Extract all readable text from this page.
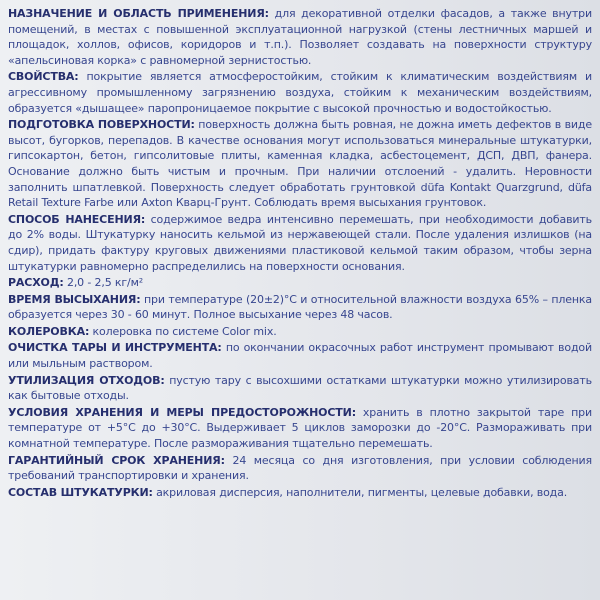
НАЗНАЧЕНИЕ И ОБЛАСТЬ ПРИМЕНЕНИЯ: для декоративной отделки фасадов, а также внутри помещений, в местах с повышенной эксплуатационной нагрузкой (стены лестничных маршей и площадок, холлов, офисов, коридоров и т.п.). Позволяет создавать на поверхности структуру «апельсиновая корка» с равномерной зернистостью.

СВОЙСТВА: покрытие является атмосферостойким, стойким к климатическим воздействиям и агрессивному промышленному загрязнению воздуха, стойким к механическим воздействиям, образуется «дышащее» паропроницаемое покрытие с высокой прочностью и водостойкостью.

ПОДГОТОВКА ПОВЕРХНОСТИ: поверхность должна быть ровная, не дожна иметь дефектов в виде высот, бугорков, перепадов. В качестве основания могут использоваться минеральные штукатурки, гипсокартон, бетон, гипсолитовые плиты, каменная кладка, асбестоцемент, ДСП, ДВП, фанера. Основание должно быть чистым и прочным. При наличии отслоений - удалить. Неровности заполнить шпатлевкой. Поверхность следует обработать грунтовкой düfa Kontakt Quarzgrund, düfa Retail Texture Farbe или Axton Кварц-Грунт. Соблюдать время высыхания грунтовок.

СПОСОБ НАНЕСЕНИЯ: содержимое ведра интенсивно перемешать, при необходимости добавить до 2% воды. Штукатурку наносить кельмой из нержавеющей стали. После удаления излишков (на сдир), придать фактуру круговых движениями пластиковой кельмой таким образом, чтобы зерна штукатурки равномерно распределились на поверхности основания.

РАСХОД: 2,0 - 2,5 кг/м²

ВРЕМЯ ВЫСЫХАНИЯ: при температуре (20±2)°С и относительной влажности воздуха 65% – пленка образуется через 30 - 60 минут. Полное высыхание через 48 часов.

КОЛЕРОВКА: колеровка по системе Color mix.

ОЧИСТКА ТАРЫ И ИНСТРУМЕНТА: по окончании окрасочных работ инструмент промывают водой или мыльным раствором.

УТИЛИЗАЦИЯ ОТХОДОВ: пустую тару с высохшими остатками штукатурки можно утилизировать как бытовые отходы.

УСЛОВИЯ ХРАНЕНИЯ И МЕРЫ ПРЕДОСТОРОЖНОСТИ: хранить в плотно закрытой таре при температуре от +5°С до +30°С. Выдерживает 5 циклов заморозки до -20°С. Размораживать при комнатной температуре. После размораживания тщательно перемешать.

ГАРАНТИЙНЫЙ СРОК ХРАНЕНИЯ: 24 месяца со дня изготовления, при условии соблюдения требований транспортировки и хранения.

СОСТАВ ШТУКАТУРКИ: акриловая дисперсия, наполнители, пигменты, целевые добавки, вода.
